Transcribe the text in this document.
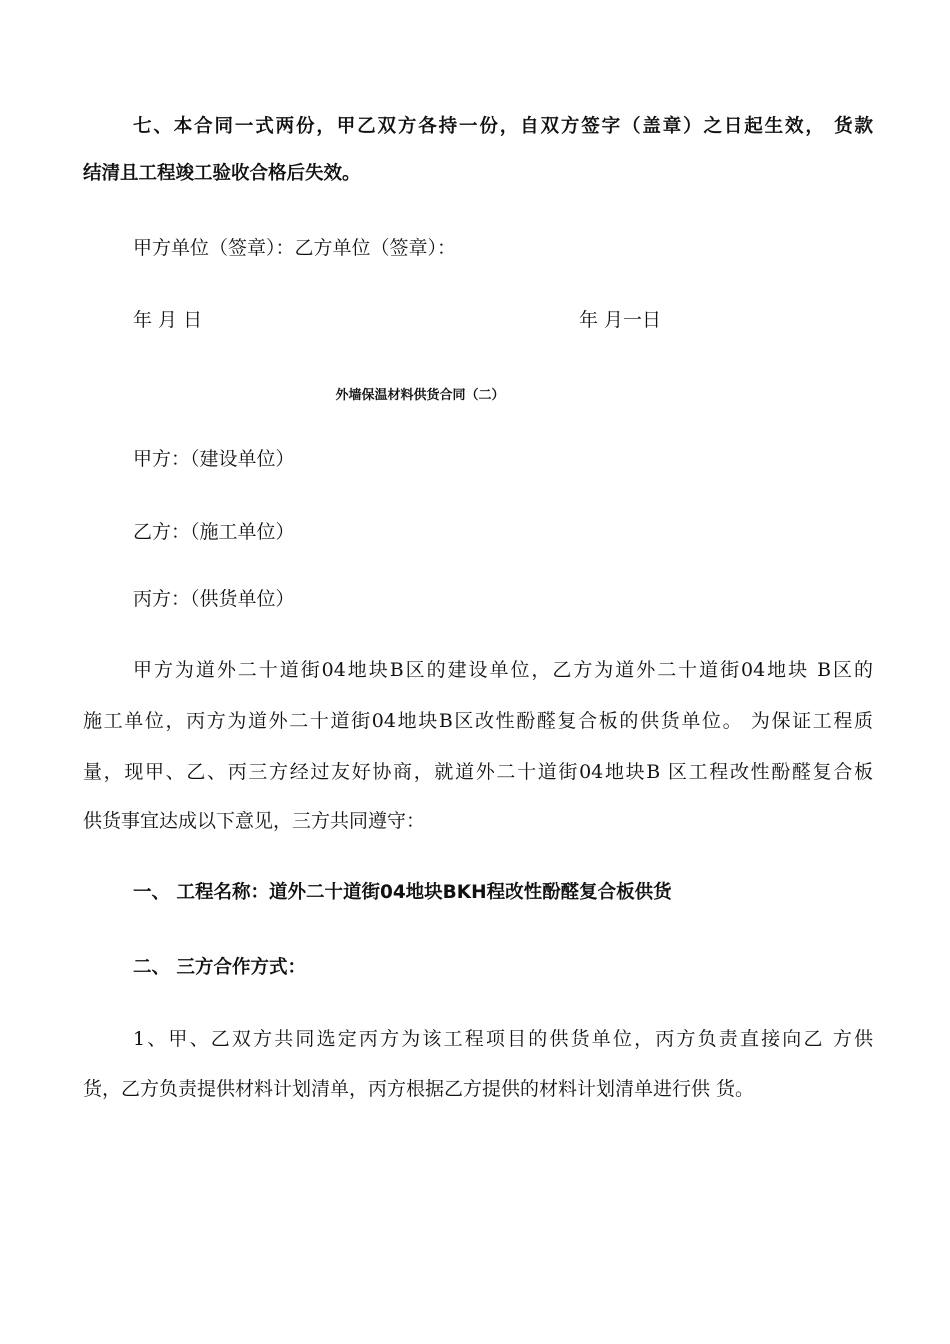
七、本合同一式两份，甲乙双方各持一份，自双方签字（盖章）之日起生效， 货款
结清且工程竣工验收合格后失效。
甲方单位（签章）：乙方单位（签章）：
年 月 日	年 月一日
外墙保温材料供货合同（二）
甲方：（建设单位）
乙方：（施工单位）
丙方：（供货单位）
甲方为道外二十道街04地块B区的建设单位，乙方为道外二十道街04地块 B区的
施工单位，丙方为道外二十道街04地块B区改性酚醛复合板的供货单位。 为保证工程质
量，现甲、乙、丙三方经过友好协商，就道外二十道街04地块B 区工程改性酚醛复合板
供货事宜达成以下意见，三方共同遵守：
一、 工程名称：道外二十道街04地块BKH程改性酚醛复合板供货
二、 三方合作方式：
1、甲、乙双方共同选定丙方为该工程项目的供货单位，丙方负责直接向乙 方供
货，乙方负责提供材料计划清单，丙方根据乙方提供的材料计划清单进行供 货。
